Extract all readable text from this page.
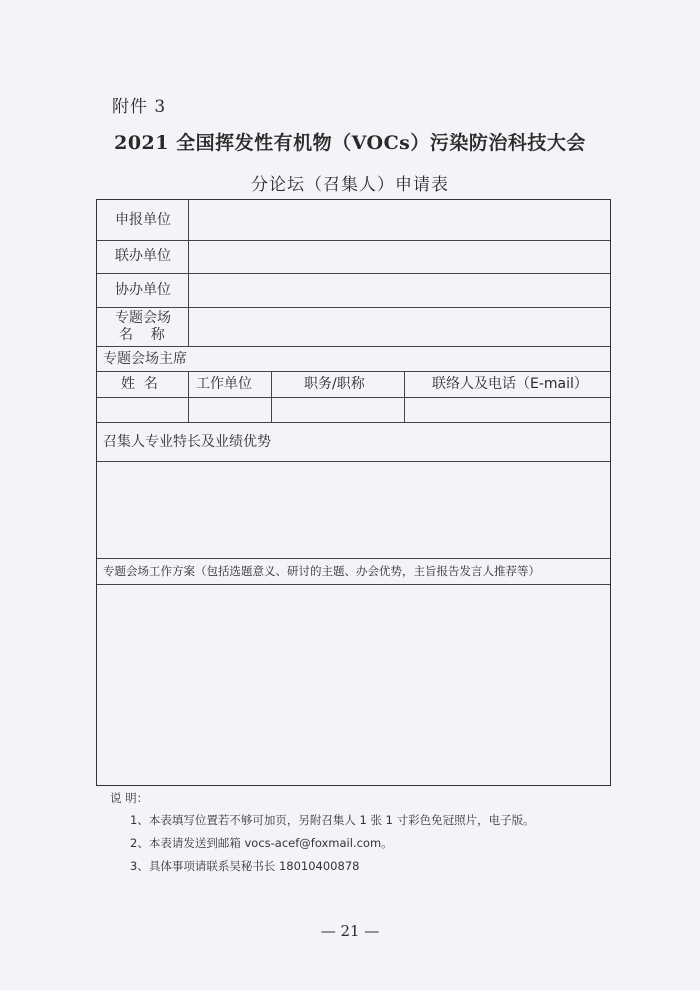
附件 3
2021 全国挥发性有机物（VOCs）污染防治科技大会
分论坛（召集人）申请表
申报单位
联办单位
协办单位
专题会场
名    称
专题会场主席
姓  名	工作单位	职务/职称	联络人及电话（E-mail）
召集人专业特长及业绩优势
专题会场工作方案（包括选题意义、研讨的主题、办会优势，主旨报告发言人推荐等）
说 明：
1、本表填写位置若不够可加页，另附召集人 1 张 1 寸彩色免冠照片，电子版。
2、本表请发送到邮箱 vocs-acef@foxmail.com。
3、具体事项请联系吴秘书长 18010400878
— 21 —
